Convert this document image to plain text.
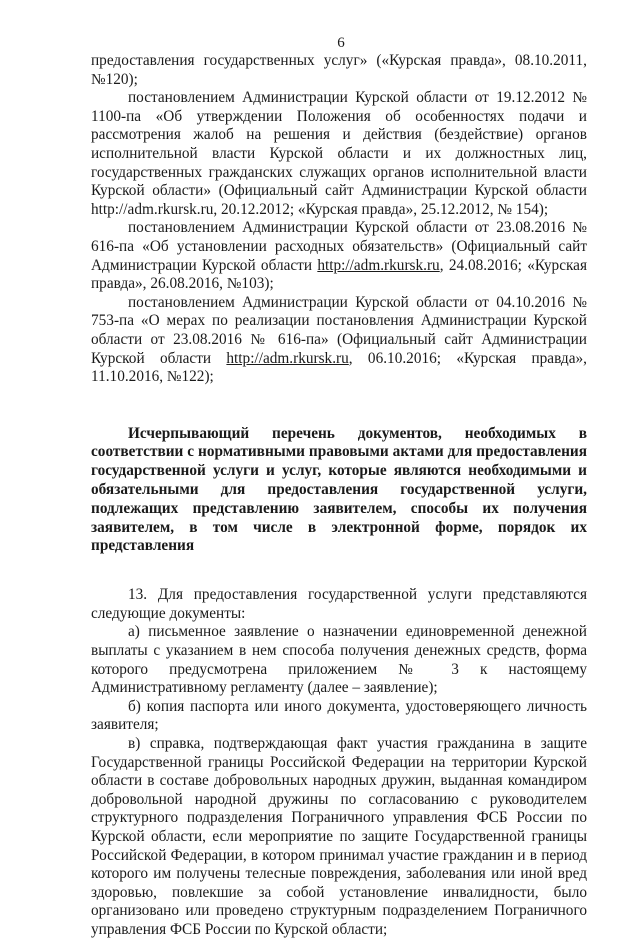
6

предоставления государственных услуг» («Курская правда», 08.10.2011, №120);

постановлением Администрации Курской области от 19.12.2012 № 1100-па «Об утверждении Положения об особенностях подачи и рассмотрения жалоб на решения и действия (бездействие) органов исполнительной власти Курской области и их должностных лиц, государственных гражданских служащих органов исполнительной власти Курской области» (Официальный сайт Администрации Курской области http://adm.rkursk.ru, 20.12.2012; «Курская правда», 25.12.2012, № 154);

постановлением Администрации Курской области от 23.08.2016 № 616-па «Об установлении расходных обязательств» (Официальный сайт Администрации Курской области http://adm.rkursk.ru, 24.08.2016; «Курская правда», 26.08.2016, №103);

постановлением Администрации Курской области от 04.10.2016 № 753-па «О мерах по реализации постановления Администрации Курской области от 23.08.2016 № 616-па» (Официальный сайт Администрации Курской области http://adm.rkursk.ru, 06.10.2016; «Курская правда», 11.10.2016, №122);

Исчерпывающий перечень документов, необходимых в соответствии с нормативными правовыми актами для предоставления государственной услуги и услуг, которые являются необходимыми и обязательными для предоставления государственной услуги, подлежащих представлению заявителем, способы их получения заявителем, в том числе в электронной форме, порядок их представления

13. Для предоставления государственной услуги представляются следующие документы:

а) письменное заявление о назначении единовременной денежной выплаты с указанием в нем способа получения денежных средств, форма которого предусмотрена приложением № 3 к настоящему Административному регламенту (далее – заявление);

б) копия паспорта или иного документа, удостоверяющего личность заявителя;

в) справка, подтверждающая факт участия гражданина в защите Государственной границы Российской Федерации на территории Курской области в составе добровольных народных дружин, выданная командиром добровольной народной дружины по согласованию с руководителем структурного подразделения Пограничного управления ФСБ России по Курской области, если мероприятие по защите Государственной границы Российской Федерации, в котором принимал участие гражданин и в период которого им получены телесные повреждения, заболевания или иной вред здоровью, повлекшие за собой установление инвалидности, было организовано или проведено структурным подразделением Пограничного управления ФСБ России по Курской области;
